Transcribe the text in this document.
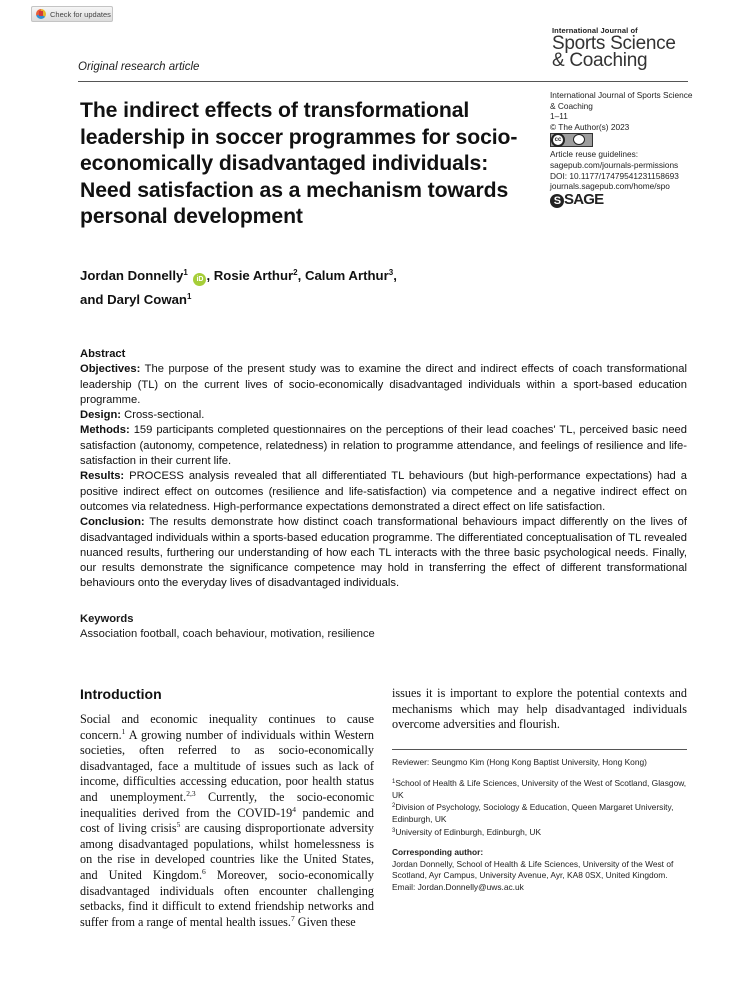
Check for updates
International Journal of
Sports Science
& Coaching
Original research article
International Journal of Sports Science
& Coaching
1–11
© The Author(s) 2023
cc
Article reuse guidelines:
sagepub.com/journals-permissions
DOI: 10.1177/17479541231158693
journals.sagepub.com/home/spo
S SAGE
The indirect effects of transformational leadership in soccer programmes for socio-economically disadvantaged individuals: Need satisfaction as a mechanism towards personal development
Jordan Donnelly$^1$ iD , Rosie Arthur$^2$, Calum Arthur$^3$,
and Daryl Cowan$^1$

Abstract

Objectives: The purpose of the present study was to examine the direct and indirect effects of coach transformational leadership (TL) on the current lives of socio-economically disadvantaged individuals within a sport-based education programme.

Design: Cross-sectional.

Methods: 159 participants completed questionnaires on the perceptions of their lead coaches' TL, perceived basic need satisfaction (autonomy, competence, relatedness) in relation to programme attendance, and feelings of resilience and life-satisfaction in their current life.

Results: PROCESS analysis revealed that all differentiated TL behaviours (but high-performance expectations) had a positive indirect effect on outcomes (resilience and life-satisfaction) via competence and a negative indirect effect on outcomes via relatedness. High-performance expectations demonstrated a direct effect on life satisfaction.

Conclusion: The results demonstrate how distinct coach transformational behaviours impact differently on the lives of disadvantaged individuals within a sports-based education programme. The differentiated conceptualisation of TL revealed nuanced results, furthering our understanding of how each TL interacts with the three basic psychological needs. Finally, our results demonstrate the significance competence may hold in transferring the effect of different transformational behaviours onto the everyday lives of disadvantaged individuals.

Keywords
Association football, coach behaviour, motivation, resilience
Introduction
Social and economic inequality continues to cause concern.$^1$ A growing number of individuals within Western societies, often referred to as socio-economically disadvantaged, face a multitude of issues such as lack of income, difficulties accessing education, poor health status and unemployment.$^{2,3}$ Currently, the socio-economic inequalities derived from the COVID-19$^4$ pandemic and cost of living crisis$^5$ are causing disproportionate adversity among disadvantaged populations, whilst homelessness is on the rise in developed countries like the United States, and United Kingdom.$^6$ Moreover, socio-economically disadvantaged individuals often encounter challenging setbacks, find it difficult to extend friendship networks and suffer from a range of mental health issues.$^7$ Given these
issues it is important to explore the potential contexts and mechanisms which may help disadvantaged individuals overcome adversities and flourish.
Reviewer: Seungmo Kim (Hong Kong Baptist University, Hong Kong)
$^1$School of Health & Life Sciences, University of the West of Scotland, Glasgow, UK
$^2$Division of Psychology, Sociology & Education, Queen Margaret University, Edinburgh, UK
$^3$University of Edinburgh, Edinburgh, UK
Corresponding author:
Jordan Donnelly, School of Health & Life Sciences, University of the West of Scotland, Ayr Campus, University Avenue, Ayr, KA8 0SX, United Kingdom.
Email: Jordan.Donnelly@uws.ac.uk
